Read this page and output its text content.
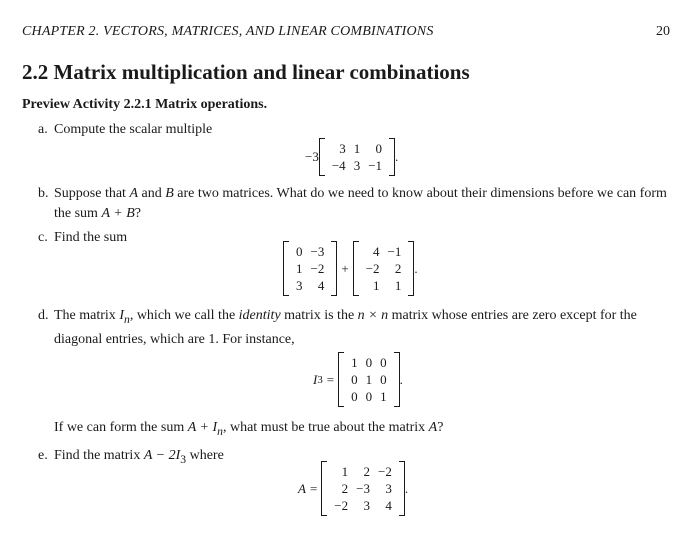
CHAPTER 2. VECTORS, MATRICES, AND LINEAR COMBINATIONS	20
2.2 Matrix multiplication and linear combinations
Preview Activity 2.2.1 Matrix operations.
a. Compute the scalar multiple
−3
3	1	0
−4	3	−1
.
b. Suppose that A and B are two matrices. What do we need to know about their dimensions before we can form the sum A + B?
c. Find the sum
0	−3
1	−2
3	4
+
4	−1
−2	2
1	1
.
d. The matrix $I_n$, which we call the identity matrix is the n × n matrix whose entries are zero except for the diagonal entries, which are 1. For instance,
I 3 =
1	0	0
0	1	0
0	0	1
.
If we can form the sum $A + I_n$, what must be true about the matrix A?
e. Find the matrix $A - 2I_3$ where
A =
1	2	−2
2	−3	3
−2	3	4
.
